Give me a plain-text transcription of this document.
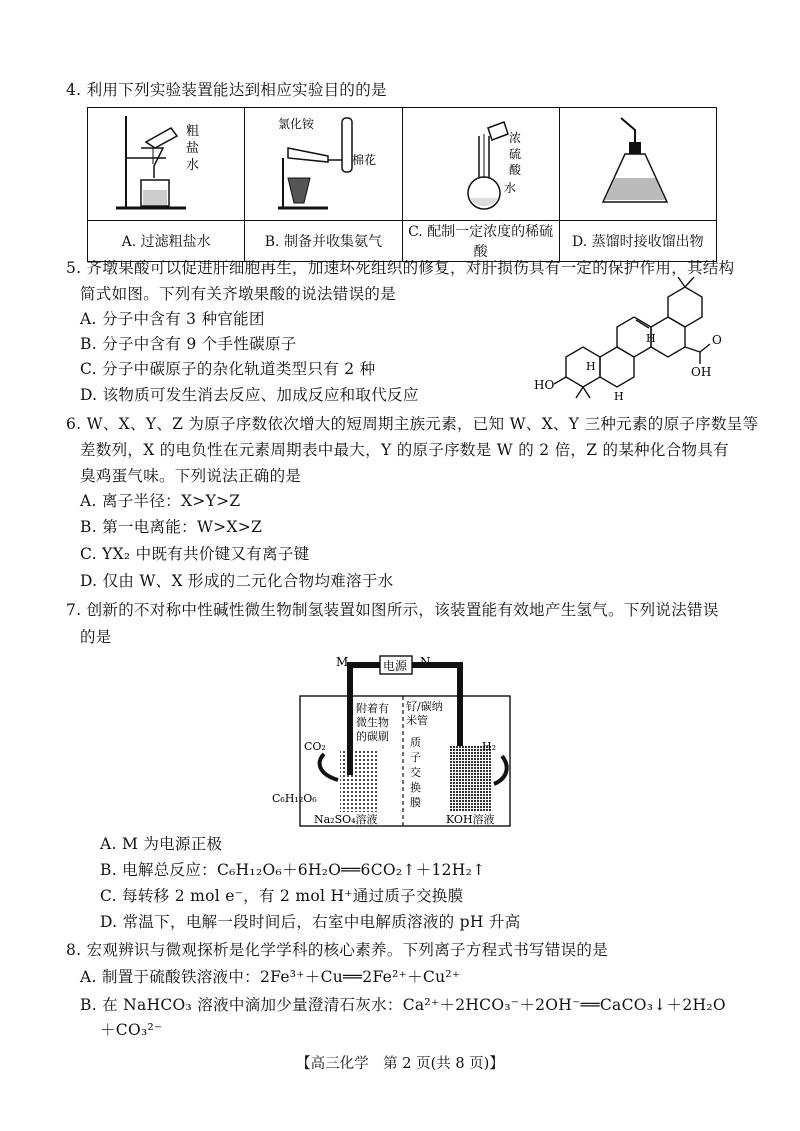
4. 利用下列实验装置能达到相应实验目的的是
粗
盐
水	氯化铵
棉花	浓
硫
酸
水

A. 过滤粗盐水	B. 制备并收集氨气	C. 配制一定浓度的稀硫酸	D. 蒸馏时接收馏出物
5. 齐墩果酸可以促进肝细胞再生，加速坏死组织的修复，对肝损伤具有一定的保护作用，其结构
简式如图。下列有关齐墩果酸的说法错误的是
A. 分子中含有 3 种官能团
B. 分子中含有 9 个手性碳原子
C. 分子中碳原子的杂化轨道类型只有 2 种
D. 该物质可发生消去反应、加成反应和取代反应
HO
H
H
H
O
OH
6. W、X、Y、Z 为原子序数依次增大的短周期主族元素，已知 W、X、Y 三种元素的原子序数呈等
差数列，X 的电负性在元素周期表中最大，Y 的原子序数是 W 的 2 倍，Z 的某种化合物具有
臭鸡蛋气味。下列说法正确的是
A. 离子半径：X>Y>Z
B. 第一电离能：W>X>Z
C. YX₂ 中既有共价键又有离子键
D. 仅由 W、X 形成的二元化合物均难溶于水
7. 创新的不对称中性碱性微生物制氢装置如图所示，该装置能有效地产生氢气。下列说法错误
的是
M	N
电源
附着有
微生物
的碳刷
钌/碳纳
米管
质
子
交
换
膜
CO₂
C₆H₁₂O₆
H₂
Na₂SO₄溶液	KOH溶液
A. M 为电源正极
B. 电解总反应：C₆H₁₂O₆＋6H₂O══6CO₂↑＋12H₂↑
C. 每转移 2 mol e⁻，有 2 mol H⁺通过质子交换膜
D. 常温下，电解一段时间后，右室中电解质溶液的 pH 升高
8. 宏观辨识与微观探析是化学学科的核心素养。下列离子方程式书写错误的是
A. 制置于硫酸铁溶液中：2Fe³⁺＋Cu══2Fe²⁺＋Cu²⁺
B. 在 NaHCO₃ 溶液中滴加少量澄清石灰水：Ca²⁺＋2HCO₃⁻＋2OH⁻══CaCO₃↓＋2H₂O
＋CO₃²⁻
【高三化学　第 2 页(共 8 页)】
